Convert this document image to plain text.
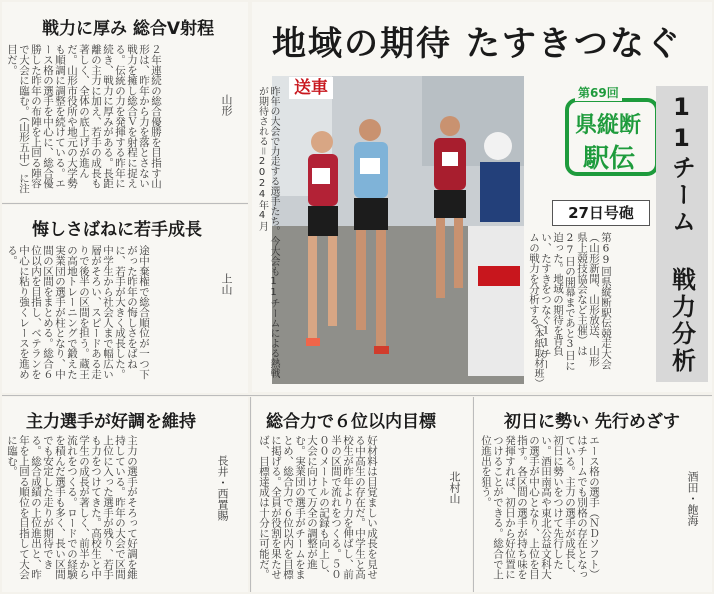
戦力に厚み 総合V射程
２年連続の総合優勝を目指す山形は、昨年から力を落とさない戦力を擁し総合Ｖを射程に捉える。伝統の力を発揮する昨年に続き、戦力に厚みがある。長距離の主力に加え、若手の成長も著しく、全体の底上げが進んだ。山形市役所や地元の大学勢も順調に調整を続けている。エース格の選手を中心に、総合優勝した昨年の布陣を上回る陣容で大会に臨む。（山形五中）に注目だ。
山形
悔しさばねに若手成長
途中棄権で総合順位が一つ下がった昨年の悔しさをばねに、若手が大きく成長した。中学生から社会人まで幅広い層がそろい、スピードある走りで後半の区間を担う。蔵王の高地トレーニングで鍛えた実業団の選手が柱となり、中間の区間をまとめる。総合６位以内を目指し、ベテランを中心に粘り強くレースを進める。
上山
地域の期待 たすきつなぐ
送車
昨年の大会で力走する選手たち。今大会も11チームによる熱戦が期待される＝2024年4月	第69回
県縦断
駅伝	11チーム 戦力分析
27日号砲
第69回県縦断駅伝競走大会（山形新聞、山形放送、山形県上競技協会など主催）は27日の開幕まであと3日に迫った。地域の期待を背負い、たすきをつなぐ11チームの戦力を分析する。
（本紙取材班）
主力選手が好調を維持
主力の選手がそろって好調を維持している。昨年の大会で区間上位に入った選手が残り、若手も力をつけてきた。高校生と中学生の成長が著しく、前半から流れをつくる。ロードでの経験を積んだ選手も多く、長い区間でも安定した走りが期待できる。総合成績の上位進出と、昨年を上回る順位を目指して大会に臨む。	長井・西置賜
総合力で６位以内目標
好材料は目覚ましい成長を見せる中高生の存在だ。中学生と高校生が昨年より力を伸ばし、前半の区間で流れをつくる。５０００メートルの記録も向上し、大会に向けて万全の調整が進む。実業団の選手がチームをまとめ、総合力で６位以内を目標に掲げる。全員が役割を果たせば、目標達成は十分に可能だ。	北村山
初日に勢い 先行めざす
エース格の選手（ＮＤソフト）はチームでも別格の存在となっている。主力の選手が成長し、初日に勢いをつけて先行したい。酒田南高や東北公益文科大の選手が中心となり、上位を目指す。各区間の選手が持ち味を発揮すれば、初日から好位置につけることができる。総合で上位進出を狙う。	酒田・飽海
